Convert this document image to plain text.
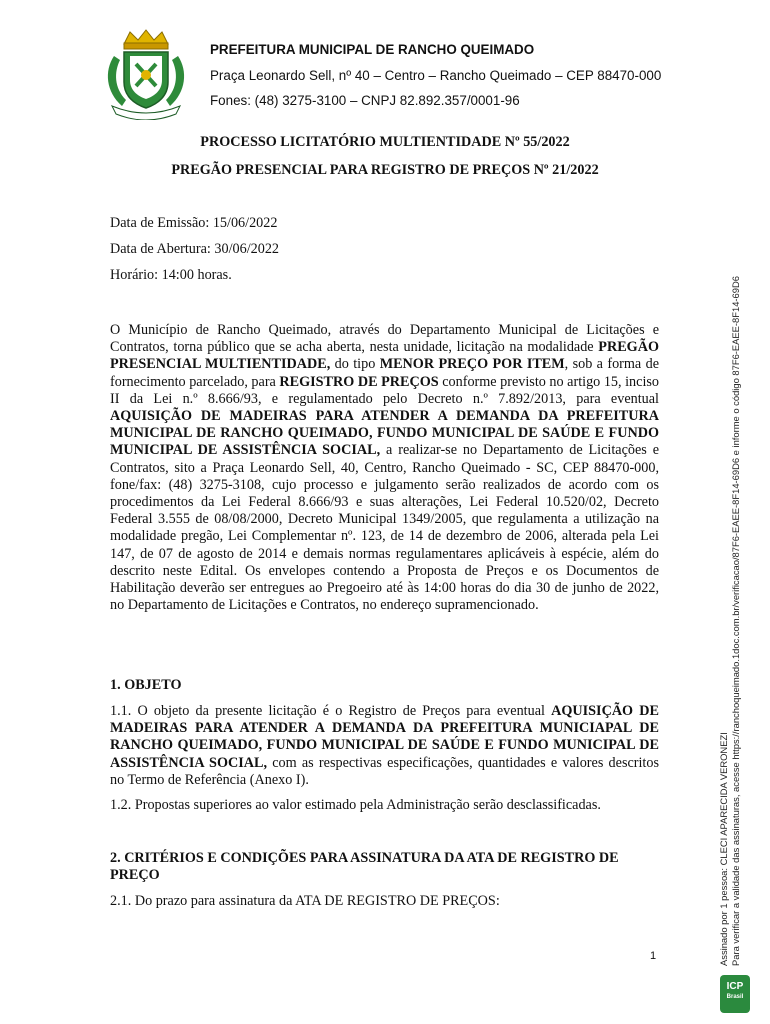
PREFEITURA MUNICIPAL DE RANCHO QUEIMADO
Praça Leonardo Sell, nº 40 – Centro – Rancho Queimado – CEP 88470-000
Fones: (48) 3275-3100 – CNPJ 82.892.357/0001-96
PROCESSO LICITATÓRIO MULTIENTIDADE Nº 55/2022
PREGÃO PRESENCIAL PARA REGISTRO DE PREÇOS Nº 21/2022
Data de Emissão: 15/06/2022
Data de Abertura: 30/06/2022
Horário: 14:00 horas.
O Município de Rancho Queimado, através do Departamento Municipal de Licitações e Contratos, torna público que se acha aberta, nesta unidade, licitação na modalidade PREGÃO PRESENCIAL MULTIENTIDADE, do tipo MENOR PREÇO POR ITEM, sob a forma de fornecimento parcelado, para REGISTRO DE PREÇOS conforme previsto no artigo 15, inciso II da Lei n.º 8.666/93, e regulamentado pelo Decreto n.º 7.892/2013, para eventual AQUISIÇÃO DE MADEIRAS PARA ATENDER A DEMANDA DA PREFEITURA MUNICIPAL DE RANCHO QUEIMADO, FUNDO MUNICIPAL DE SAÚDE E FUNDO MUNICIPAL DE ASSISTÊNCIA SOCIAL, a realizar-se no Departamento de Licitações e Contratos, sito a Praça Leonardo Sell, 40, Centro, Rancho Queimado - SC, CEP 88470-000, fone/fax: (48) 3275-3108, cujo processo e julgamento serão realizados de acordo com os procedimentos da Lei Federal 8.666/93 e suas alterações, Lei Federal 10.520/02, Decreto Federal 3.555 de 08/08/2000, Decreto Municipal 1349/2005, que regulamenta a utilização na modalidade pregão, Lei Complementar nº. 123, de 14 de dezembro de 2006, alterada pela Lei 147, de 07 de agosto de 2014 e demais normas regulamentares aplicáveis à espécie, além do descrito neste Edital. Os envelopes contendo a Proposta de Preços e os Documentos de Habilitação deverão ser entregues ao Pregoeiro até às 14:00 horas do dia 30 de junho de 2022, no Departamento de Licitações e Contratos, no endereço supramencionado.
1. OBJETO
1.1. O objeto da presente licitação é o Registro de Preços para eventual AQUISIÇÃO DE MADEIRAS PARA ATENDER A DEMANDA DA PREFEITURA MUNICIAPAL DE RANCHO QUEIMADO, FUNDO MUNICIPAL DE SAÚDE E FUNDO MUNICIPAL DE ASSISTÊNCIA SOCIAL, com as respectivas especificações, quantidades e valores descritos no Termo de Referência (Anexo I).
1.2. Propostas superiores ao valor estimado pela Administração serão desclassificadas.
2. CRITÉRIOS E CONDIÇÕES PARA ASSINATURA DA ATA DE REGISTRO DE PREÇO
2.1. Do prazo para assinatura da ATA DE REGISTRO DE PREÇOS:
1	Assinado por 1 pessoa: CLECI APARECIDA VERONEZI Para verificar a validade das assinaturas, acesse https://ranchoqueimado.1doc.com.br/verificacao/87F6-EAEE-8F14-69D6 e informe o código 87F6-EAEE-8F14-69D6
ICP
Brasil
